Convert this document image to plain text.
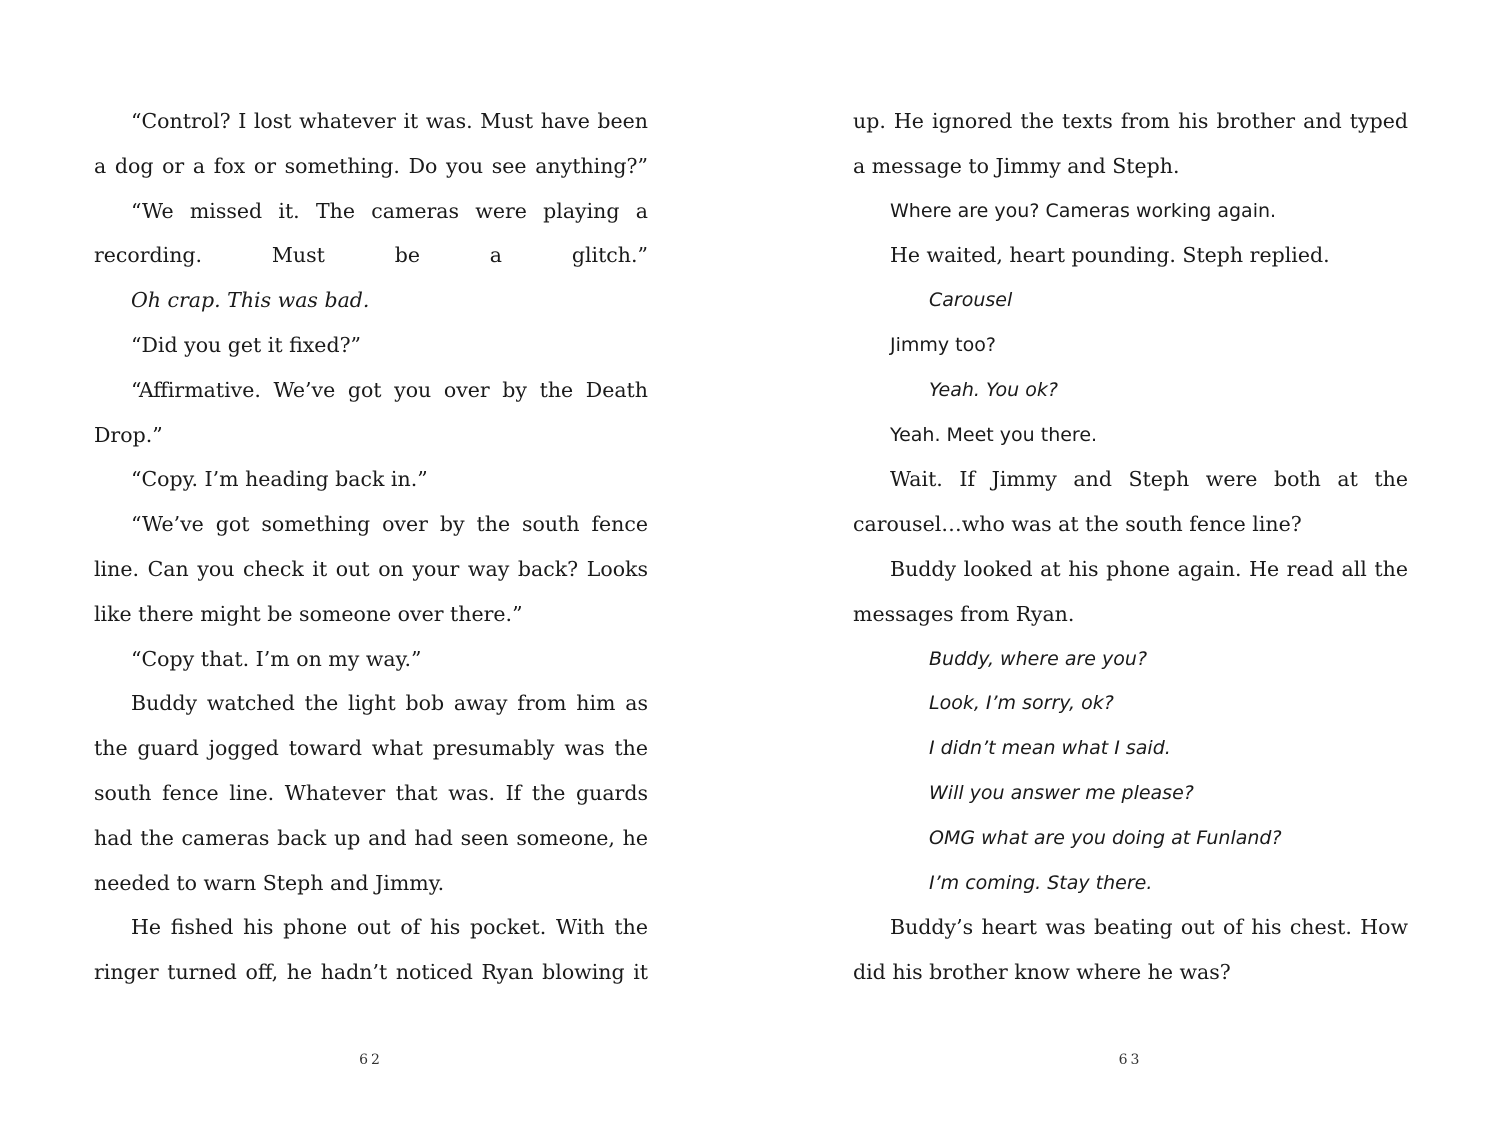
“Control? I lost whatever it was. Must have been a dog or a fox or something. Do you see anything?”

“We missed it. The cameras were playing a recording. Must be a glitch.”

Oh crap. This was bad.

“Did you get it fixed?”

“Affirmative. We’ve got you over by the Death Drop.”

“Copy. I’m heading back in.”

“We’ve got something over by the south fence line. Can you check it out on your way back? Looks like there might be someone over there.”

“Copy that. I’m on my way.”

Buddy watched the light bob away from him as the guard jogged toward what presumably was the south fence line. Whatever that was. If the guards had the cameras back up and had seen someone, he needed to warn Steph and Jimmy.

He fished his phone out of his pocket. With the ringer turned off, he hadn’t noticed Ryan blowing it

62

up. He ignored the texts from his brother and typed a message to Jimmy and Steph.

Where are you? Cameras working again.

He waited, heart pounding. Steph replied.

Carousel

Jimmy too?

Yeah. You ok?

Yeah. Meet you there.

Wait. If Jimmy and Steph were both at the carousel…who was at the south fence line?

Buddy looked at his phone again. He read all the messages from Ryan.

Buddy, where are you?

Look, I’m sorry, ok?

I didn’t mean what I said.

Will you answer me please?

OMG what are you doing at Funland?

I’m coming. Stay there.

Buddy’s heart was beating out of his chest. How did his brother know where he was?

63
